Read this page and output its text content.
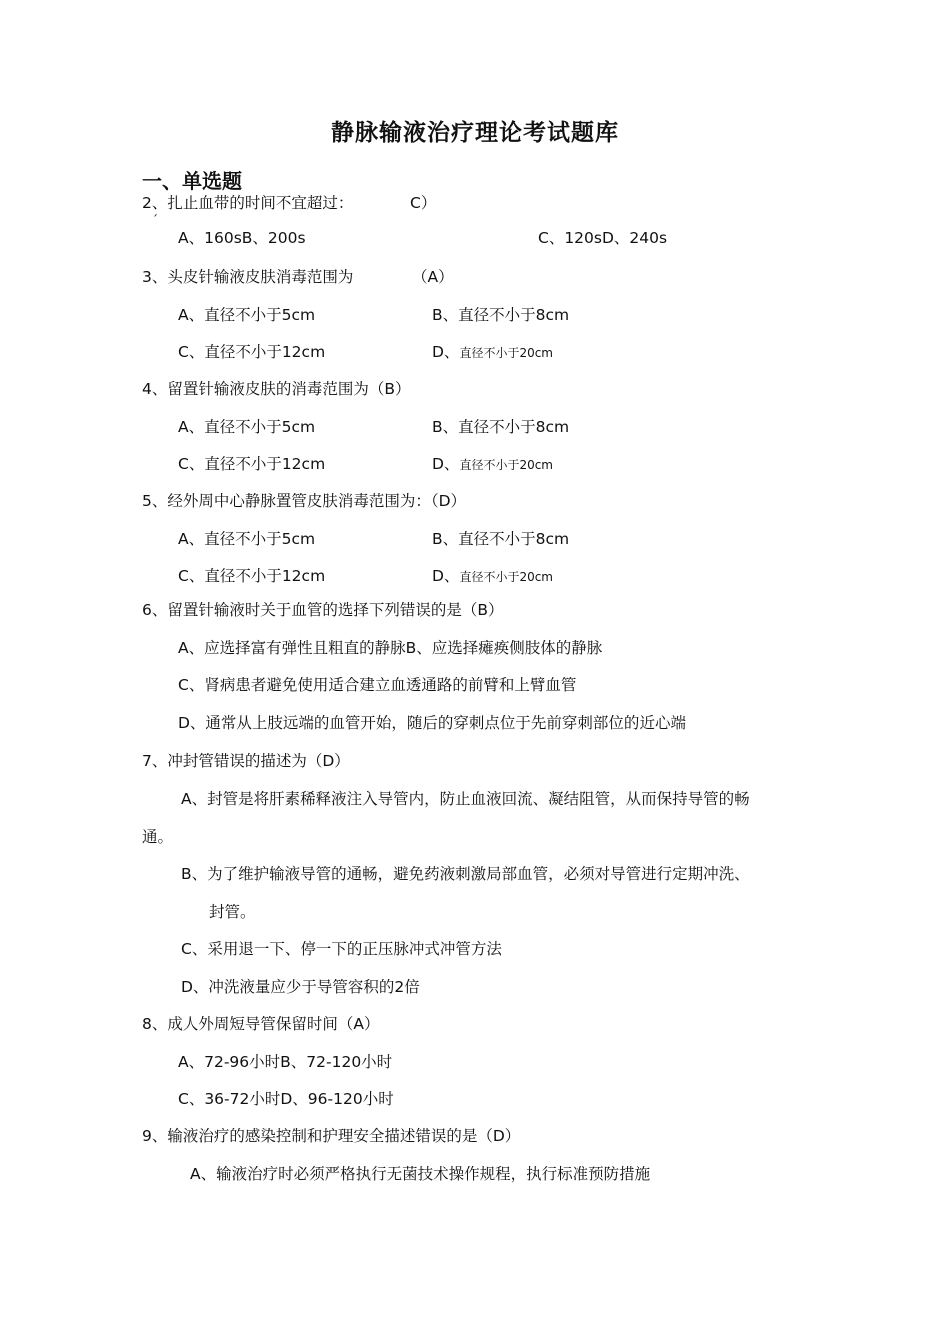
静脉输液治疗理论考试题库
一、单选题
2、扎止血带的时间不宜超过：	C）
ˊ
A、160sB、200s	C、120sD、240s
3、头皮针输液皮肤消毒范围为	（A）
A、直径不小于5cm	B、直径不小于8cm
C、直径不小于12cm	D、直径不小于20cm
4、留置针输液皮肤的消毒范围为（B）
A、直径不小于5cm	B、直径不小于8cm
C、直径不小于12cm	D、直径不小于20cm
5、经外周中心静脉置管皮肤消毒范围为：（D）
A、直径不小于5cm	B、直径不小于8cm
C、直径不小于12cm	D、直径不小于20cm
6、留置针输液时关于血管的选择下列错误的是（B）
A、应选择富有弹性且粗直的静脉B、应选择瘫痪侧肢体的静脉
C、肾病患者避免使用适合建立血透通路的前臂和上臂血管
D、通常从上肢远端的血管开始，随后的穿刺点位于先前穿刺部位的近心端
7、冲封管错误的描述为（D）
A、封管是将肝素稀释液注入导管内，防止血液回流、凝结阻管，从而保持导管的畅
通。
B、为了维护输液导管的通畅，避免药液刺激局部血管，必须对导管进行定期冲洗、
封管。
C、采用退一下、停一下的正压脉冲式冲管方法
D、冲洗液量应少于导管容积的2倍
8、成人外周短导管保留时间（A）
A、72-96小时B、72-120小时
C、36-72小时D、96-120小时
9、输液治疗的感染控制和护理安全描述错误的是（D）
A、输液治疗时必须严格执行无菌技术操作规程，执行标准预防措施
